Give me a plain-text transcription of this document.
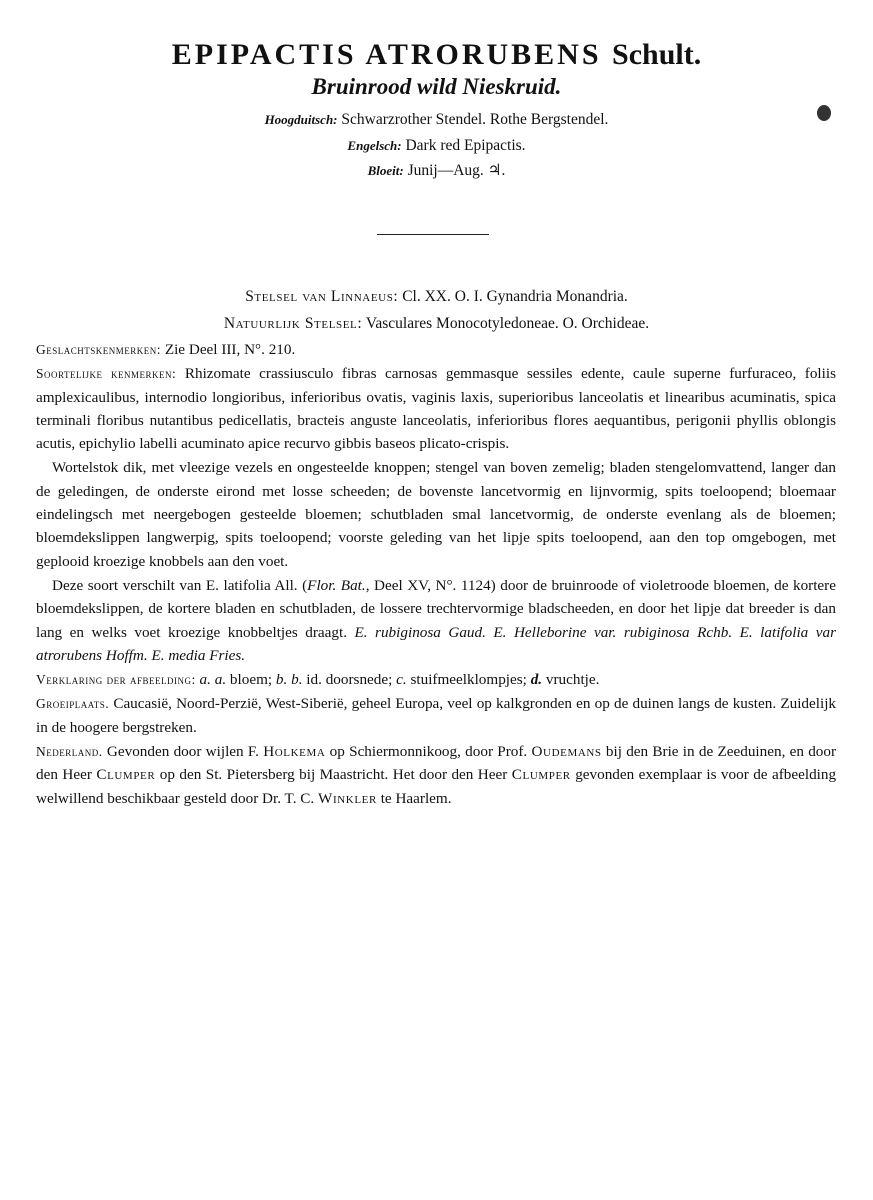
EPIPACTIS ATRORUBENS Schult.
Bruinrood wild Nieskruid.
Hoogduitsch: Schwarzrother Stendel. Rothe Bergstendel.
Engelsch: Dark red Epipactis.
Bloeit: Junij—Aug. ♃.
Stelsel van Linnaeus: Cl. XX. O. I. Gynandria Monandria.
Natuurlijk Stelsel: Vasculares Monocotyledoneae. O. Orchideae.

Geslachtskenmerken: Zie Deel III, N°. 210.

Soortelijke kenmerken: Rhizomate crassiusculo fibras carnosas gemmasque sessiles edente, caule superne furfuraceo, foliis amplexicaulibus, internodio longioribus, inferioribus ovatis, vaginis laxis, superioribus lanceolatis et linearibus acuminatis, spica terminali floribus nutantibus pedicellatis, bracteis anguste lanceolatis, inferioribus flores aequantibus, perigonii phyllis oblongis acutis, epichylio labelli acuminato apice recurvo gibbis baseos plicato-crispis.

Wortelstok dik, met vleezige vezels en ongesteelde knoppen; stengel van boven zemelig; bladen stengelomvattend, langer dan de geledingen, de onderste eirond met losse scheeden; de bovenste lancetvormig en lijnvormig, spits toeloopend; bloemaar eindelingsch met neergebogen gesteelde bloemen; schutbladen smal lancetvormig, de onderste evenlang als de bloemen; bloemdekslippen langwerpig, spits toeloopend; voorste geleding van het lipje spits toeloopend, aan den top omgebogen, met geplooid kroezige knobbels aan den voet.

Deze soort verschilt van E. latifolia All. (Flor. Bat., Deel XV, N°. 1124) door de bruinroode of violetroode bloemen, de kortere bloemdekslippen, de kortere bladen en schutbladen, de lossere trechtervormige bladscheeden, en door het lipje dat breeder is dan lang en welks voet kroezige knobbeltjes draagt. E. rubiginosa Gaud. E. Helleborine var. rubiginosa Rchb. E. latifolia var atrorubens Hoffm. E. media Fries.

Verklaring der afbeelding: a. a. bloem; b. b. id. doorsnede; c. stuifmeelklompjes; d. vruchtje.

Groeiplaats. Caucasië, Noord-Perzië, West-Siberië, geheel Europa, veel op kalkgronden en op de duinen langs de kusten. Zuidelijk in de hoogere bergstreken.

Nederland. Gevonden door wijlen F. Holkema op Schiermonnikoog, door Prof. Oudemans bij den Brie in de Zeeduinen, en door den Heer Clumper op den St. Pietersberg bij Maastricht. Het door den Heer Clumper gevonden exemplaar is voor de afbeelding welwillend beschikbaar gesteld door Dr. T. C. Winkler te Haarlem.
